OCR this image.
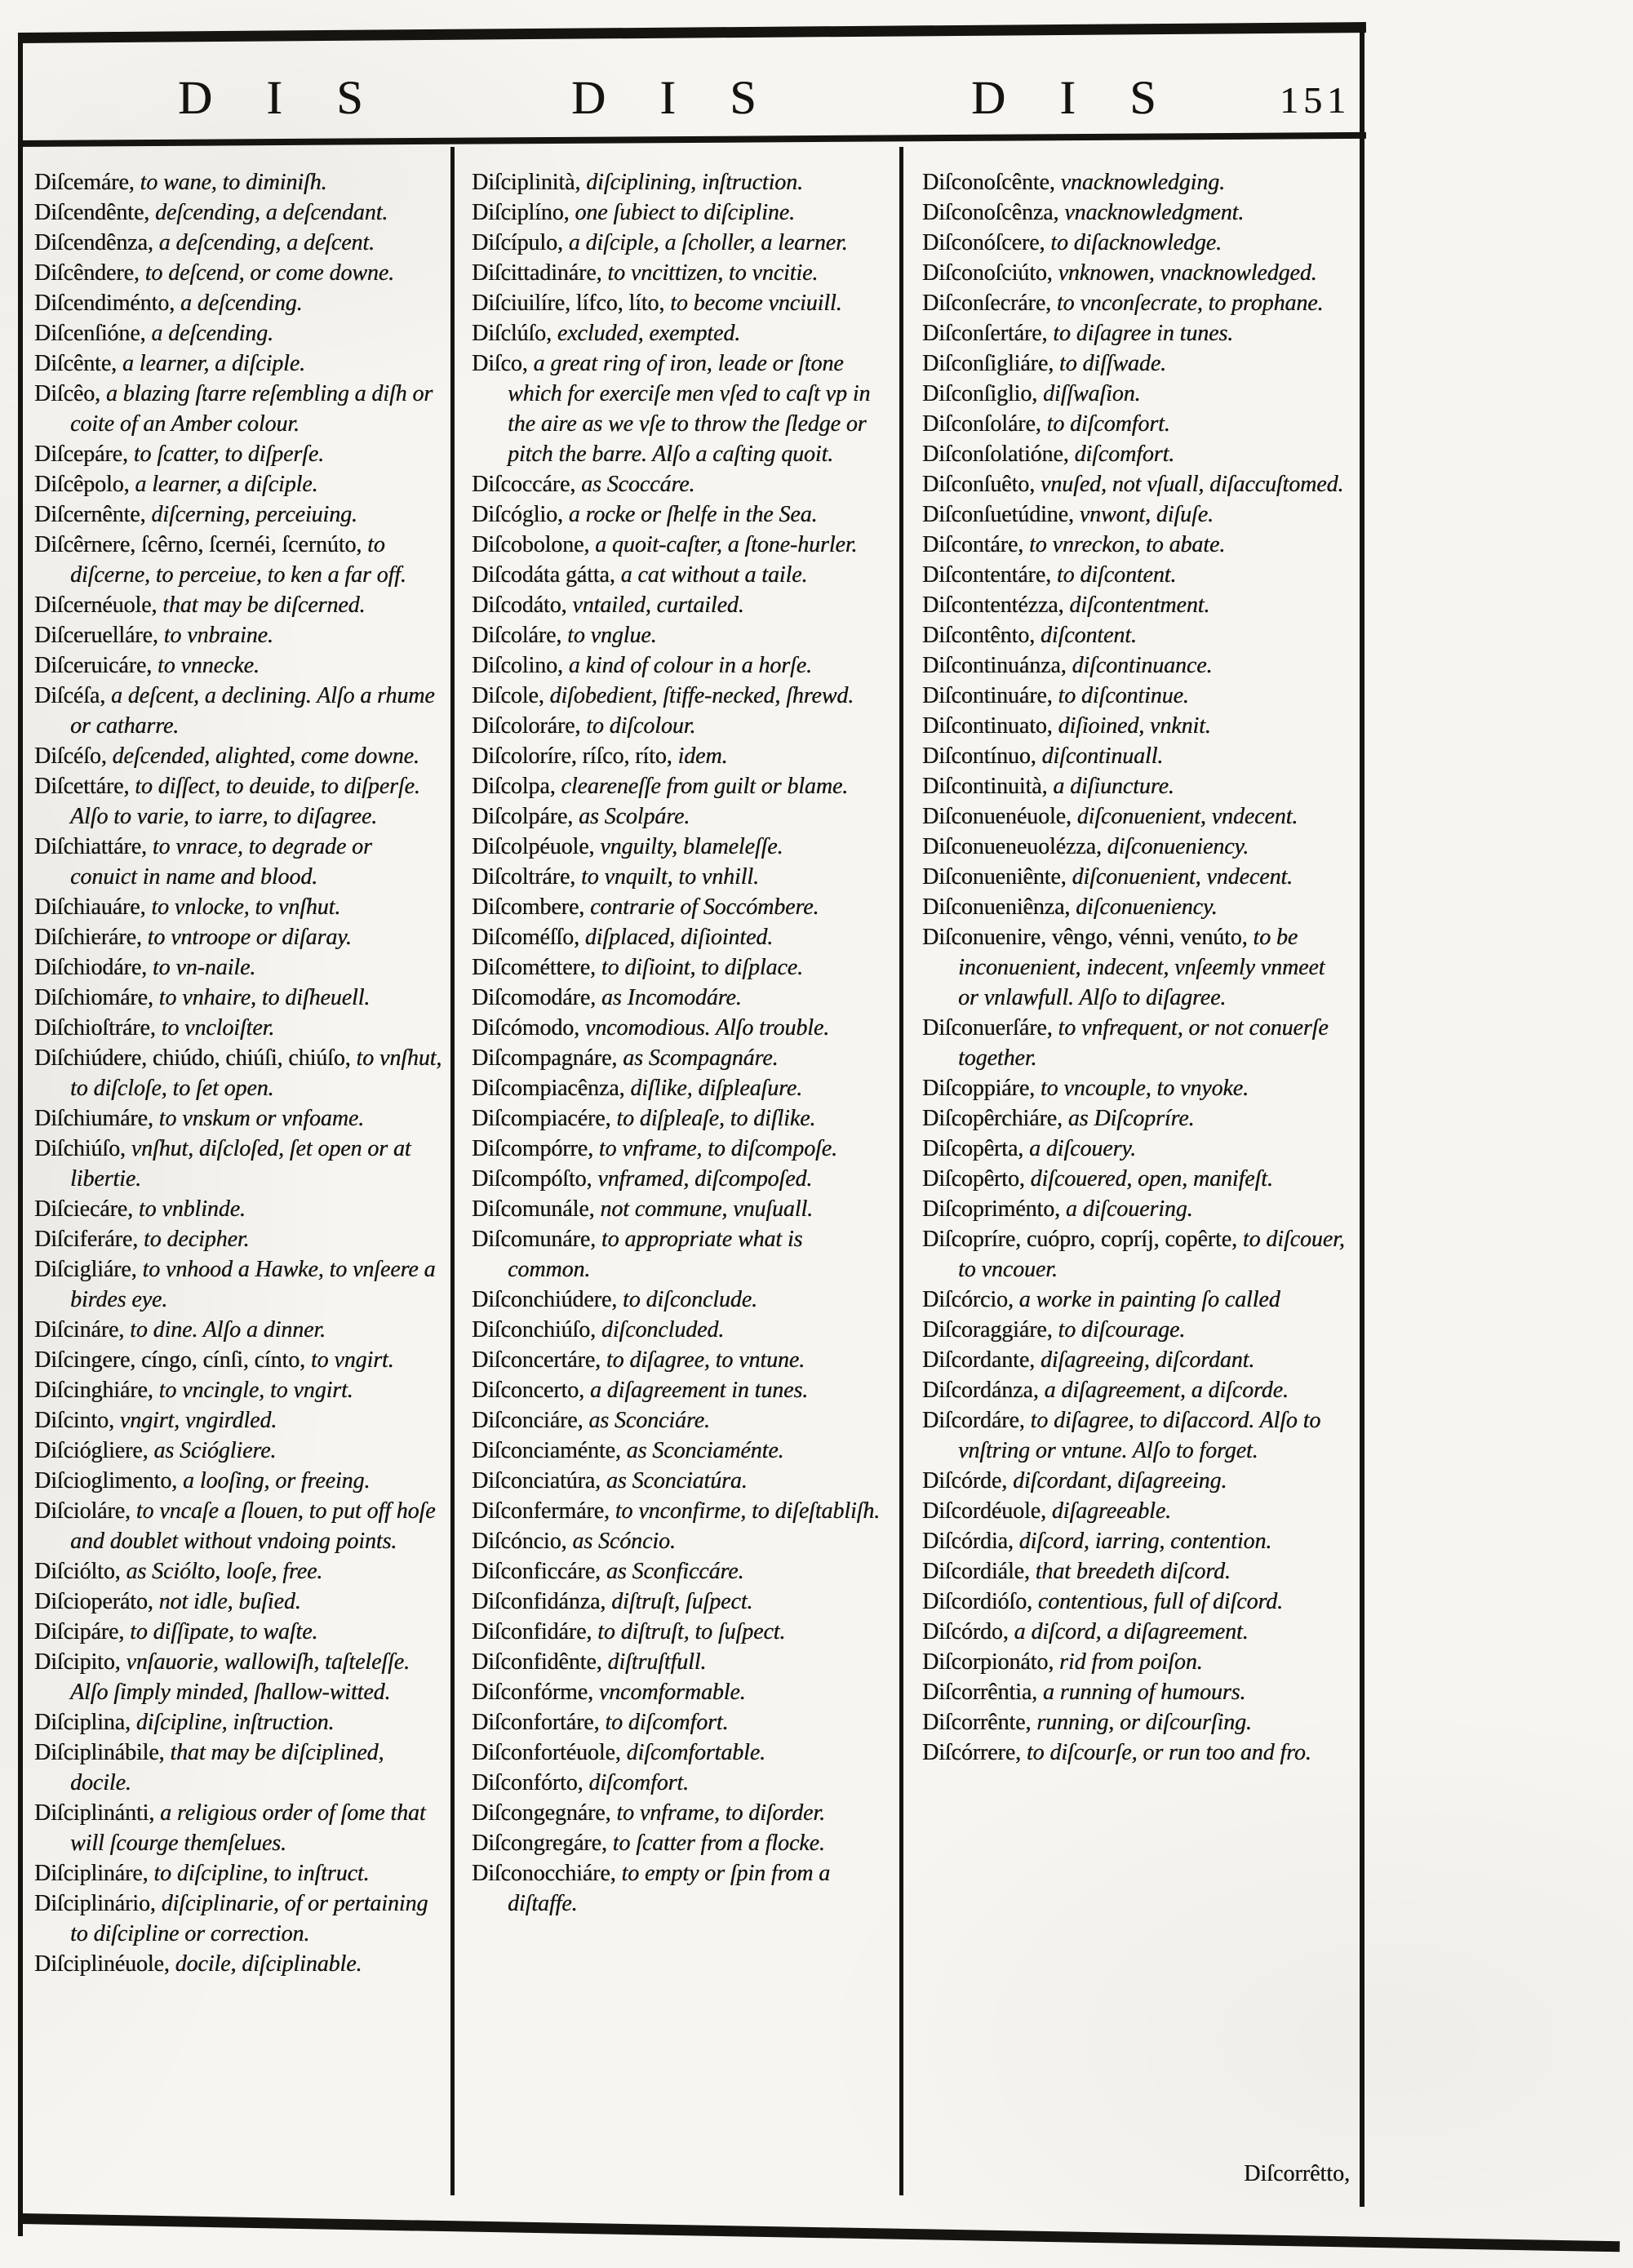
D I S	D I S	D I S	151

Diſcemáre, to wane, to diminiſh.

Diſcendênte, deſcending, a deſcendant.

Diſcendênza, a deſcending, a deſcent.

Diſcêndere, to deſcend, or come downe.

Diſcendiménto, a deſcending.

Diſcenſióne, a deſcending.

Diſcênte, a learner, a diſciple.

Diſcêo, a blazing ſtarre reſembling a diſh or coite of an Amber colour.

Diſcepáre, to ſcatter, to diſperſe.

Diſcêpolo, a learner, a diſciple.

Diſcernênte, diſcerning, perceiuing.

Diſcêrnere, ſcêrno, ſcernéi, ſcernúto, to diſcerne, to perceiue, to ken a far off.

Diſcernéuole, that may be diſcerned.

Diſceruelláre, to vnbraine.

Diſceruicáre, to vnnecke.

Diſcéſa, a deſcent, a declining. Alſo a rhume or catharre.

Diſcéſo, deſcended, alighted, come downe.

Diſcettáre, to diſſect, to deuide, to diſperſe. Alſo to varie, to iarre, to diſagree.

Diſchiattáre, to vnrace, to degrade or conuict in name and blood.

Diſchiauáre, to vnlocke, to vnſhut.

Diſchieráre, to vntroope or diſaray.

Diſchiodáre, to vn-naile.

Diſchiomáre, to vnhaire, to diſheuell.

Diſchioſtráre, to vncloiſter.

Diſchiúdere, chiúdo, chiúſi, chiúſo, to vnſhut, to diſcloſe, to ſet open.

Diſchiumáre, to vnskum or vnfoame.

Diſchiúſo, vnſhut, diſcloſed, ſet open or at libertie.

Diſciecáre, to vnblinde.

Diſciferáre, to decipher.

Diſcigliáre, to vnhood a Hawke, to vnſeere a birdes eye.

Diſcináre, to dine. Alſo a dinner.

Diſcingere, cíngo, cínſi, cínto, to vngirt.

Diſcinghiáre, to vncingle, to vngirt.

Diſcinto, vngirt, vngirdled.

Diſciógliere, as Sciógliere.

Diſcioglimento, a looſing, or freeing.

Diſcioláre, to vncaſe a ſlouen, to put off hoſe and doublet without vndoing points.

Diſciólto, as Sciólto, looſe, free.

Diſcioperáto, not idle, buſied.

Diſcipáre, to diſſipate, to waſte.

Diſcipito, vnſauorie, wallowiſh, taſteleſſe. Alſo ſimply minded, ſhallow-witted.

Diſciplina, diſcipline, inſtruction.

Diſciplinábile, that may be diſciplined, docile.

Diſciplinánti, a religious order of ſome that will ſcourge themſelues.

Diſciplináre, to diſcipline, to inſtruct.

Diſciplinário, diſciplinarie, of or pertaining to diſcipline or correction.

Diſciplinéuole, docile, diſciplinable.

Diſciplinità, diſciplining, inſtruction.

Diſciplíno, one ſubiect to diſcipline.

Diſcípulo, a diſciple, a ſcholler, a learner.

Diſcittadináre, to vncittizen, to vncitie.

Diſciuilíre, lífco, líto, to become vnciuill.

Diſclúſo, excluded, exempted.

Diſco, a great ring of iron, leade or ſtone which for exerciſe men vſed to caſt vp in the aire as we vſe to throw the ſledge or pitch the barre. Alſo a caſting quoit.

Diſcoccáre, as Scoccáre.

Diſcóglio, a rocke or ſhelfe in the Sea.

Diſcobolone, a quoit-caſter, a ſtone-hurler.

Diſcodáta gátta, a cat without a taile.

Diſcodáto, vntailed, curtailed.

Diſcoláre, to vnglue.

Diſcolino, a kind of colour in a horſe.

Diſcole, diſobedient, ſtiffe-necked, ſhrewd.

Diſcoloráre, to diſcolour.

Diſcoloríre, ríſco, ríto, idem.

Diſcolpa, cleareneſſe from guilt or blame.

Diſcolpáre, as Scolpáre.

Diſcolpéuole, vnguilty, blameleſſe.

Diſcoltráre, to vnquilt, to vnhill.

Diſcombere, contrarie of Soccómbere.

Diſcoméſſo, diſplaced, diſiointed.

Diſcométtere, to diſioint, to diſplace.

Diſcomodáre, as Incomodáre.

Diſcómodo, vncomodious. Alſo trouble.

Diſcompagnáre, as Scompagnáre.

Diſcompiacênza, diſlike, diſpleaſure.

Diſcompiacére, to diſpleaſe, to diſlike.

Diſcompórre, to vnframe, to diſcompoſe.

Diſcompóſto, vnframed, diſcompoſed.

Diſcomunále, not commune, vnuſuall.

Diſcomunáre, to appropriate what is common.

Diſconchiúdere, to diſconclude.

Diſconchiúſo, diſconcluded.

Diſconcertáre, to diſagree, to vntune.

Diſconcerto, a diſagreement in tunes.

Diſconciáre, as Sconciáre.

Diſconciaménte, as Sconciaménte.

Diſconciatúra, as Sconciatúra.

Diſconfermáre, to vnconfirme, to diſeſtabliſh.

Diſcóncio, as Scóncio.

Diſconficcáre, as Sconficcáre.

Diſconfidánza, diſtruſt, ſuſpect.

Diſconfidáre, to diſtruſt, to ſuſpect.

Diſconfidênte, diſtruſtfull.

Diſconfórme, vncomformable.

Diſconfortáre, to diſcomfort.

Diſconfortéuole, diſcomfortable.

Diſconfórto, diſcomfort.

Diſcongegnáre, to vnframe, to diſorder.

Diſcongregáre, to ſcatter from a flocke.

Diſconocchiáre, to empty or ſpin from a diſtaffe.

Diſconoſcênte, vnacknowledging.

Diſconoſcênza, vnacknowledgment.

Diſconóſcere, to diſacknowledge.

Diſconoſciúto, vnknowen, vnacknowledged.

Diſconſecráre, to vnconſecrate, to prophane.

Diſconſertáre, to diſagree in tunes.

Diſconſigliáre, to diſſwade.

Diſconſiglio, diſſwaſion.

Diſconſoláre, to diſcomfort.

Diſconſolatióne, diſcomfort.

Diſconſuêto, vnuſed, not vſuall, diſaccuſtomed.

Diſconſuetúdine, vnwont, diſuſe.

Diſcontáre, to vnreckon, to abate.

Diſcontentáre, to diſcontent.

Diſcontentézza, diſcontentment.

Diſcontênto, diſcontent.

Diſcontinuánza, diſcontinuance.

Diſcontinuáre, to diſcontinue.

Diſcontinuato, diſioined, vnknit.

Diſcontínuo, diſcontinuall.

Diſcontinuità, a diſiuncture.

Diſconuenéuole, diſconuenient, vndecent.

Diſconueneuolézza, diſconueniency.

Diſconueniênte, diſconuenient, vndecent.

Diſconueniênza, diſconueniency.

Diſconuenire, vêngo, vénni, venúto, to be inconuenient, indecent, vnſeemly vnmeet or vnlawfull. Alſo to diſagree.

Diſconuerſáre, to vnfrequent, or not conuerſe together.

Diſcoppiáre, to vncouple, to vnyoke.

Diſcopêrchiáre, as Diſcopríre.

Diſcopêrta, a diſcouery.

Diſcopêrto, diſcouered, open, manifeſt.

Diſcopriménto, a diſcouering.

Diſcopríre, cuópro, copríj, copêrte, to diſcouer, to vncouer.

Diſcórcio, a worke in painting ſo called

Diſcoraggiáre, to diſcourage.

Diſcordante, diſagreeing, diſcordant.

Diſcordánza, a diſagreement, a diſcorde.

Diſcordáre, to diſagree, to diſaccord. Alſo to vnſtring or vntune. Alſo to forget.

Diſcórde, diſcordant, diſagreeing.

Diſcordéuole, diſagreeable.

Diſcórdia, diſcord, iarring, contention.

Diſcordiále, that breedeth diſcord.

Diſcordióſo, contentious, full of diſcord.

Diſcórdo, a diſcord, a diſagreement.

Diſcorpionáto, rid from poiſon.

Diſcorrêntia, a running of humours.

Diſcorrênte, running, or diſcourſing.

Diſcórrere, to diſcourſe, or run too and fro.

Diſcorrêtto,
